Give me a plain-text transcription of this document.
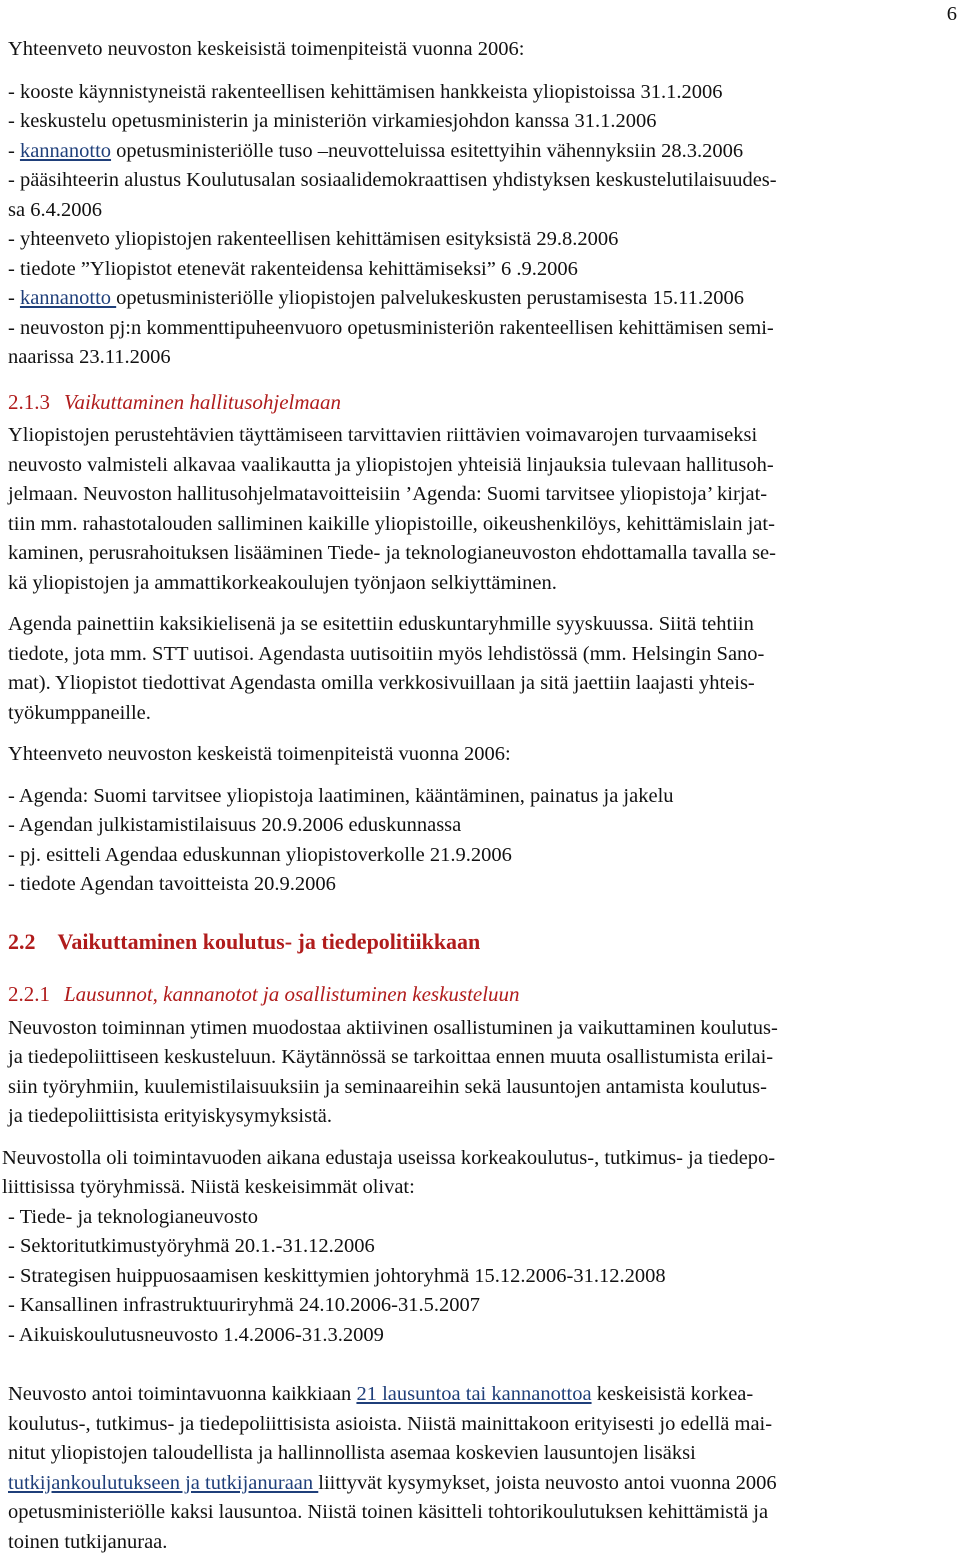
6

Yhteenveto neuvoston keskeisistä toimenpiteistä vuonna 2006:

- kooste käynnistyneistä rakenteellisen kehittämisen hankkeista yliopistoissa 31.1.2006

- keskustelu opetusministerin ja ministeriön virkamiesjohdon kanssa 31.1.2006

- kannanotto opetusministeriölle tuso –neuvotteluissa esitettyihin vähennyksiin 28.3.2006

- pääsihteerin alustus Koulutusalan sosiaalidemokraattisen yhdistyksen keskustelutilaisuudes-
sa 6.4.2006

- yhteenveto yliopistojen rakenteellisen kehittämisen esityksistä 29.8.2006

- tiedote ”Yliopistot etenevät rakenteidensa kehittämiseksi” 6 .9.2006

- kannanotto opetusministeriölle yliopistojen palvelukeskusten perustamisesta 15.11.2006

- neuvoston pj:n kommenttipuheenvuoro opetusministeriön rakenteellisen kehittämisen semi-
naarissa 23.11.2006

2.1.3 Vaikuttaminen hallitusohjelmaan

Yliopistojen perustehtävien täyttämiseen tarvittavien riittävien voimavarojen turvaamiseksi
neuvosto valmisteli alkavaa vaalikautta ja yliopistojen yhteisiä linjauksia tulevaan hallitusoh-
jelmaan. Neuvoston hallitusohjelmatavoitteisiin ’Agenda: Suomi tarvitsee yliopistoja’ kirjat-
tiin mm. rahastotalouden salliminen kaikille yliopistoille, oikeushenkilöys, kehittämislain jat-
kaminen, perusrahoituksen lisääminen Tiede- ja teknologianeuvoston ehdottamalla tavalla se-
kä yliopistojen ja ammattikorkeakoulujen työnjaon selkiyttäminen.

Agenda painettiin kaksikielisenä ja se esitettiin eduskuntaryhmille syyskuussa. Siitä tehtiin
tiedote, jota mm. STT uutisoi. Agendasta uutisoitiin myös lehdistössä (mm. Helsingin Sano-
mat). Yliopistot tiedottivat Agendasta omilla verkkosivuillaan ja sitä jaettiin laajasti yhteis-
työkumppaneille.

Yhteenveto neuvoston keskeistä toimenpiteistä vuonna 2006:

- Agenda: Suomi tarvitsee yliopistoja laatiminen, kääntäminen, painatus ja jakelu

- Agendan julkistamistilaisuus 20.9.2006 eduskunnassa

- pj. esitteli Agendaa eduskunnan yliopistoverkolle 21.9.2006

- tiedote Agendan tavoitteista 20.9.2006

2.2 Vaikuttaminen koulutus- ja tiedepolitiikkaan

2.2.1 Lausunnot, kannanotot ja osallistuminen keskusteluun

Neuvoston toiminnan ytimen muodostaa aktiivinen osallistuminen ja vaikuttaminen koulutus-
ja tiedepoliittiseen keskusteluun. Käytännössä se tarkoittaa ennen muuta osallistumista erilai-
siin työryhmiin, kuulemistilaisuuksiin ja seminaareihin sekä lausuntojen antamista koulutus-
ja tiedepoliittisista erityiskysymyksistä.

Neuvostolla oli toimintavuoden aikana edustaja useissa korkeakoulutus-, tutkimus- ja tiedepo-
liittisissa työryhmissä. Niistä keskeisimmät olivat:

- Tiede- ja teknologianeuvosto

- Sektoritutkimustyöryhmä 20.1.-31.12.2006

- Strategisen huippuosaamisen keskittymien johtoryhmä 15.12.2006-31.12.2008

- Kansallinen infrastruktuuriryhmä 24.10.2006-31.5.2007

- Aikuiskoulutusneuvosto 1.4.2006-31.3.2009

Neuvosto antoi toimintavuonna kaikkiaan 21 lausuntoa tai kannanottoa keskeisistä korkea-
koulutus-, tutkimus- ja tiedepoliittisista asioista. Niistä mainittakoon erityisesti jo edellä mai-
nitut yliopistojen taloudellista ja hallinnollista asemaa koskevien lausuntojen lisäksi
tutkijankoulutukseen ja tutkijanuraan liittyvät kysymykset, joista neuvosto antoi vuonna 2006
opetusministeriölle kaksi lausuntoa. Niistä toinen käsitteli tohtorikoulutuksen kehittämistä ja
toinen tutkijanuraa.
